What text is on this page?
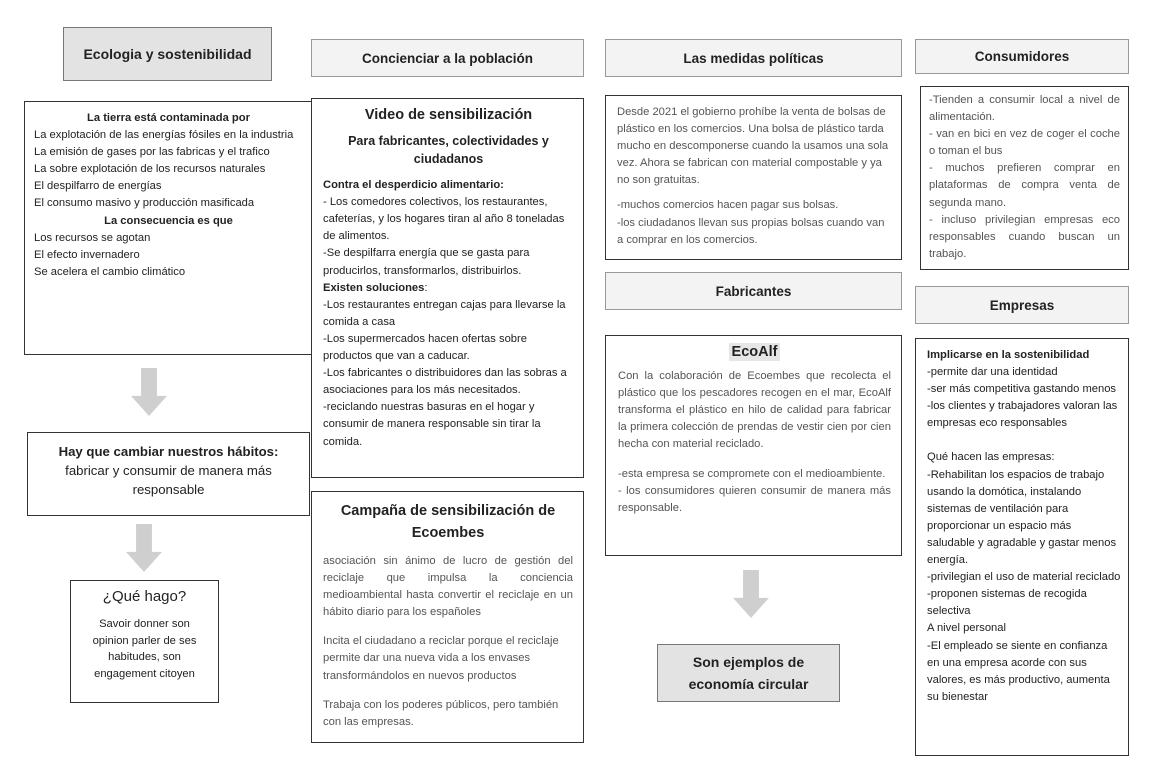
Ecologia y sostenibilidad

La tierra está contaminada por

La explotación de las energías fósiles en la industria

La emisión de gases por las fabricas y el trafico

La sobre explotación de los recursos naturales

El despilfarro de energías

El consumo masivo y producción masificada

La consecuencia es que

Los recursos se agotan

El efecto invernadero

Se acelera el cambio climático

Hay que cambiar nuestros hábitos:

fabricar y consumir de manera más responsable

¿Qué hago?

Savoir donner son opinion parler de ses habitudes, son engagement citoyen

Concienciar a la población

Video de sensibilización

Para fabricantes, colectividades y ciudadanos

Contra el desperdicio alimentario:

- Los comedores colectivos, los restaurantes, cafeterías, y los hogares tiran al año 8 toneladas de alimentos.

-Se despilfarra energía que se gasta para producirlos, transformarlos, distribuirlos.

Existen soluciones:

-Los restaurantes entregan cajas para llevarse la comida a casa

-Los supermercados hacen ofertas sobre productos que van a caducar.

-Los fabricantes o distribuidores dan las sobras a asociaciones para los más necesitados.

-reciclando nuestras basuras en el hogar y consumir de manera responsable sin tirar la comida.

Campaña de sensibilización de Ecoembes

asociación sin ánimo de lucro de gestión del reciclaje que impulsa la conciencia medioambiental hasta convertir el reciclaje en un hábito diario para los españoles

Incita el ciudadano a reciclar porque el reciclaje permite dar una nueva vida a los envases transformándolos en nuevos productos

Trabaja con los poderes públicos, pero también con las empresas.

Las medidas políticas

Desde 2021 el gobierno prohíbe la venta de bolsas de plástico en los comercios. Una bolsa de plástico tarda mucho en descomponerse cuando la usamos una sola vez. Ahora se fabrican con material compostable y ya no son gratuitas.

-muchos comercios hacen pagar sus bolsas.

-los ciudadanos llevan sus propias bolsas cuando van a comprar en los comercios.

Fabricantes

EcoAlf

Con la colaboración de Ecoembes que recolecta el plástico que los pescadores recogen en el mar, EcoAlf transforma el plástico en hilo de calidad para fabricar la primera colección de prendas de vestir cien por cien hecha con material reciclado.

-esta empresa se compromete con el medioambiente.

- los consumidores quieren consumir de manera más responsable.

Son ejemplos de economía circular
Consumidores

-Tienden a consumir local a nivel de alimentación.

- van en bici en vez de coger el coche o toman el bus

- muchos prefieren comprar en plataformas de compra venta de segunda mano.

- incluso privilegian empresas eco responsables cuando buscan un trabajo.

Empresas

Implicarse en la sostenibilidad

-permite dar una identidad

-ser más competitiva gastando menos

-los clientes y trabajadores valoran las empresas eco responsables

Qué hacen las empresas:

-Rehabilitan los espacios de trabajo usando la domótica, instalando sistemas de ventilación para proporcionar un espacio más saludable y agradable y gastar menos energía.

-privilegian el uso de material reciclado

-proponen sistemas de recogida selectiva

A nivel personal

-El empleado se siente en confianza en una empresa acorde con sus valores, es más productivo, aumenta su bienestar
